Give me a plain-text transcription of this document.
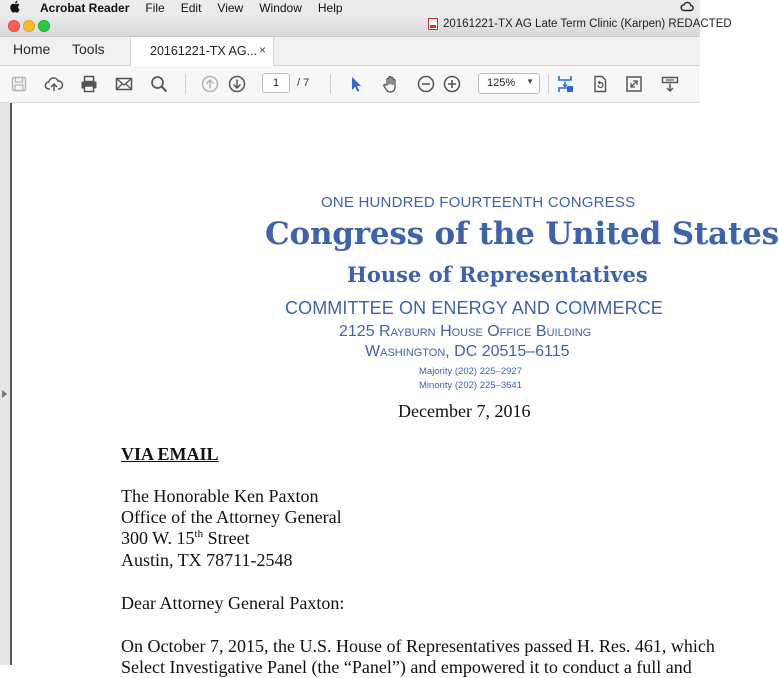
Acrobat Reader File Edit View Window Help
20161221-TX AG Late Term Clinic (Karpen) REDACTED
Home Tools	20161221-TX AG... ×
1	/ 7	125% ▼
ONE HUNDRED FOURTEENTH CONGRESS
Congress of the United States
House of Representatives
COMMITTEE ON ENERGY AND COMMERCE
2125 Rayburn House Office Building
Washington, DC 20515–6115
Majority (202) 225–2927
Minority (202) 225–3641
December 7, 2016
VIA EMAIL
The Honorable Ken Paxton
Office of the Attorney General
300 W. 15th Street
Austin, TX 78711-2548
Dear Attorney General Paxton:
On October 7, 2015, the U.S. House of Representatives passed H. Res. 461, which
Select Investigative Panel (the “Panel”) and empowered it to conduct a full and
